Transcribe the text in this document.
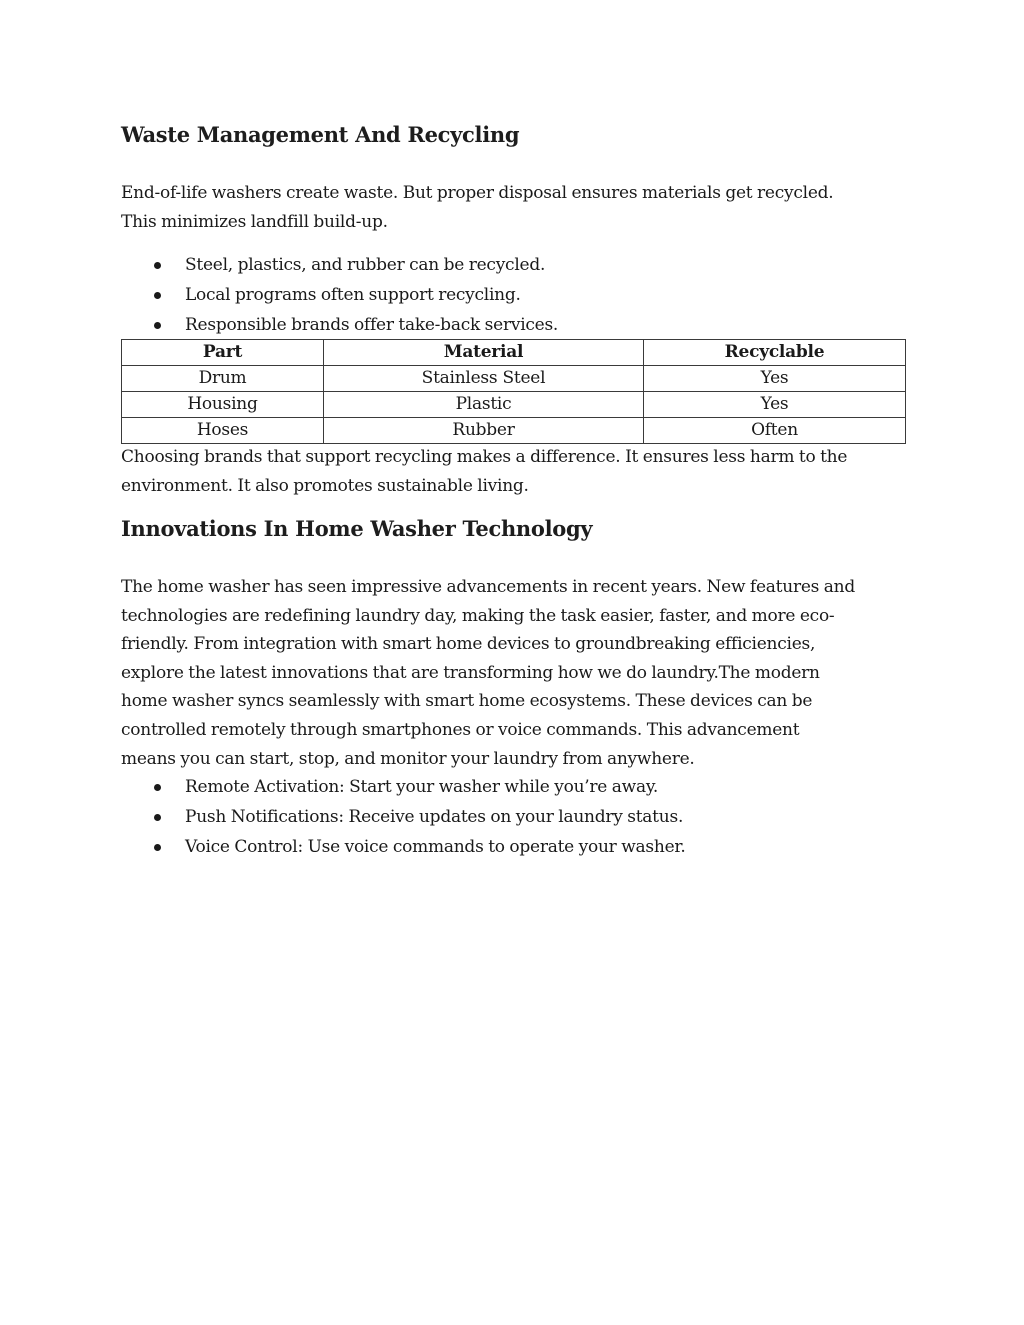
Waste Management And Recycling

End-of-life washers create waste. But proper disposal ensures materials get recycled.
This minimizes landfill build-up.

Steel, plastics, and rubber can be recycled.
Local programs often support recycling.
Responsible brands offer take-back services.
Part	Material	Recyclable
Drum	Stainless Steel	Yes
Housing	Plastic	Yes
Hoses	Rubber	Often

Choosing brands that support recycling makes a difference. It ensures less harm to the
environment. It also promotes sustainable living.

Innovations In Home Washer Technology

The home washer has seen impressive advancements in recent years. New features and
technologies are redefining laundry day, making the task easier, faster, and more eco-
friendly. From integration with smart home devices to groundbreaking efficiencies,
explore the latest innovations that are transforming how we do laundry.The modern
home washer syncs seamlessly with smart home ecosystems. These devices can be
controlled remotely through smartphones or voice commands. This advancement
means you can start, stop, and monitor your laundry from anywhere.

Remote Activation: Start your washer while you’re away.
Push Notifications: Receive updates on your laundry status.
Voice Control: Use voice commands to operate your washer.
